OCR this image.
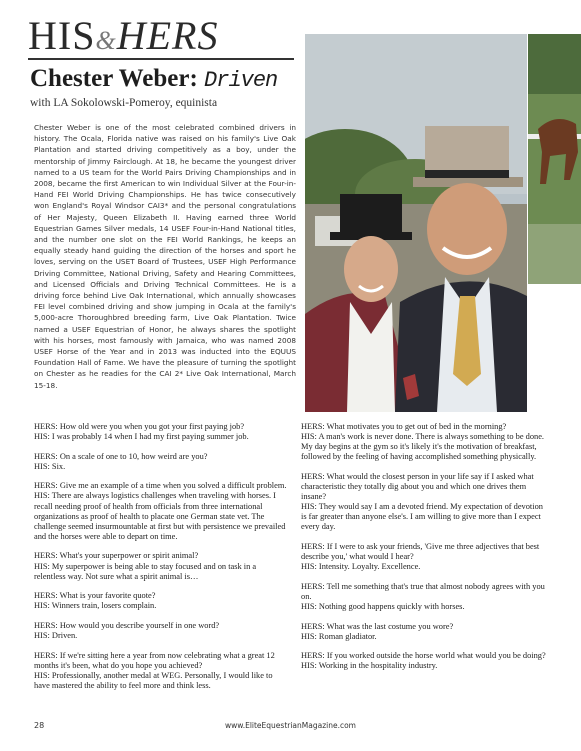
HIS&HERS
Chester Weber: Driven
with LA Sokolowski-Pomeroy, equinista
Chester Weber is one of the most celebrated combined drivers in history. The Ocala, Florida native was raised on his family's Live Oak Plantation and started driving competitively as a boy, under the mentorship of Jimmy Fairclough. At 18, he became the youngest driver named to a US team for the World Pairs Driving Championships and in 2008, became the first American to win Individual Silver at the Four-in-Hand FEI World Driving Championships. He has twice consecutively won England's Royal Windsor CAI3* and the personal congratulations of Her Majesty, Queen Elizabeth II. Having earned three World Equestrian Games Silver medals, 14 USEF Four-in-Hand National titles, and the number one slot on the FEI World Rankings, he keeps an equally steady hand guiding the direction of the horses and sport he loves, serving on the USET Board of Trustees, USEF High Performance Driving Committee, National Driving, Safety and Hearing Committees, and Licensed Officials and Driving Technical Committees. He is a driving force behind Live Oak International, which annually showcases FEI level combined driving and show jumping in Ocala at the family's 5,000-acre Thoroughbred breeding farm, Live Oak Plantation. Twice named a USEF Equestrian of Honor, he always shares the spotlight with his horses, most famously with Jamaica, who was named 2008 USEF Horse of the Year and in 2013 was inducted into the EQUUS Foundation Hall of Fame. We have the pleasure of turning the spotlight on Chester as he readies for the CAI 2* Live Oak International, March 15-18.

HERS: How old were you when you got your first paying job?

HIS: I was probably 14 when I had my first paying summer job.

HERS: On a scale of one to 10, how weird are you?

HIS: Six.

HERS: Give me an example of a time when you solved a difficult problem.

HIS: There are always logistics challenges when traveling with horses. I recall needing proof of health from officials from three international organizations as proof of health to placate one German state vet. The challenge seemed insurmountable at first but with persistence we prevailed and the horses were able to depart on time.

HERS: What's your superpower or spirit animal?

HIS: My superpower is being able to stay focused and on task in a relentless way. Not sure what a spirit animal is…

HERS: What is your favorite quote?

HIS: Winners train, losers complain.

HERS: How would you describe yourself in one word?

HIS: Driven.

HERS: If we're sitting here a year from now celebrating what a great 12 months it's been, what do you hope you achieved?

HIS: Professionally, another medal at WEG. Personally, I would like to have mastered the ability to feel more and think less.

HERS: What motivates you to get out of bed in the morning?

HIS: A man's work is never done. There is always something to be done. My day begins at the gym so it's likely it's the motivation of breakfast, followed by the feeling of having accomplished something physically.

HERS: What would the closest person in your life say if I asked what characteristic they totally dig about you and which one drives them insane?

HIS: They would say I am a devoted friend. My expectation of devotion is far greater than anyone else's. I am willing to give more than I expect every day.

HERS: If I were to ask your friends, 'Give me three adjectives that best describe you,' what would I hear?

HIS: Intensity. Loyalty. Excellence.

HERS: Tell me something that's true that almost nobody agrees with you on.

HIS: Nothing good happens quickly with horses.

HERS: What was the last costume you wore?

HIS: Roman gladiator.

HERS: If you worked outside the horse world what would you be doing?

HIS: Working in the hospitality industry.

28	www.EliteEquestrianMagazine.com
